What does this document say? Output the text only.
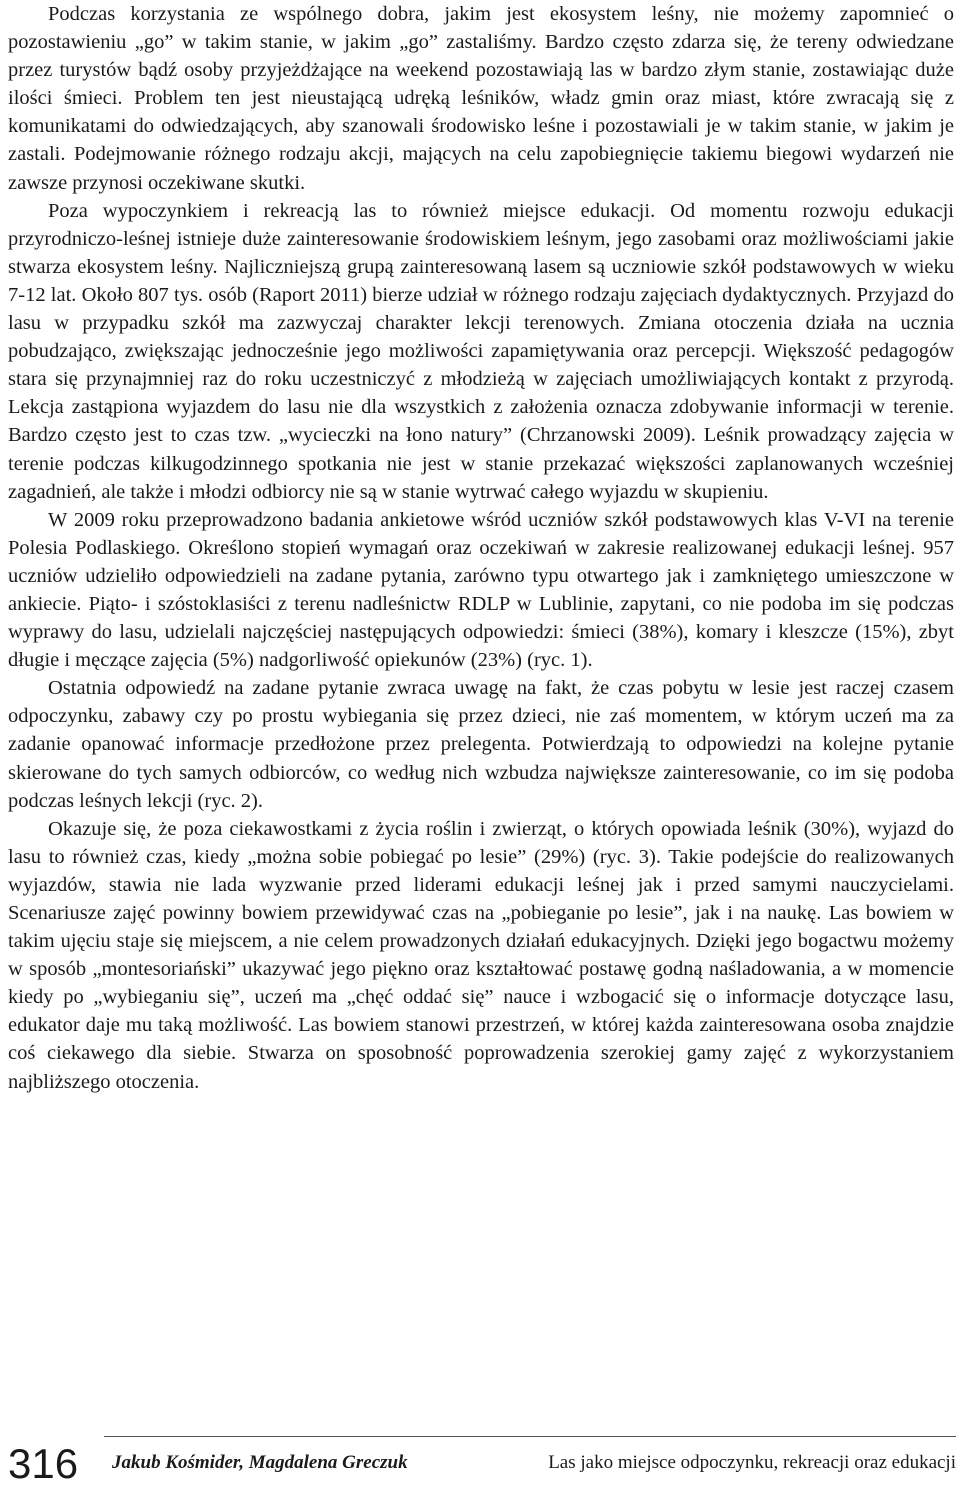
Podczas korzystania ze wspólnego dobra, jakim jest ekosystem leśny, nie możemy zapomnieć o pozostawieniu „go” w takim stanie, w jakim „go” zastaliśmy. Bardzo często zdarza się, że tereny odwiedzane przez turystów bądź osoby przyjeżdżające na weekend pozostawiają las w bardzo złym stanie, zostawiając duże ilości śmieci. Problem ten jest nieustającą udręką leśników, władz gmin oraz miast, które zwracają się z komunikatami do odwiedzających, aby szanowali środowisko leśne i pozostawiali je w takim stanie, w jakim je zastali. Podejmowanie różnego rodzaju akcji, mających na celu zapobiegnięcie takiemu biegowi wydarzeń nie zawsze przynosi oczekiwane skutki.

Poza wypoczynkiem i rekreacją las to również miejsce edukacji. Od momentu rozwoju edukacji przyrodniczo-leśnej istnieje duże zainteresowanie środowiskiem leśnym, jego zasobami oraz możliwościami jakie stwarza ekosystem leśny. Najliczniejszą grupą zainteresowaną lasem są uczniowie szkół podstawowych w wieku 7-12 lat. Około 807 tys. osób (Raport 2011) bierze udział w różnego rodzaju zajęciach dydaktycznych. Przyjazd do lasu w przypadku szkół ma zazwyczaj charakter lekcji terenowych. Zmiana otoczenia działa na ucznia pobudzająco, zwiększając jednocześnie jego możliwości zapamiętywania oraz percepcji. Większość pedagogów stara się przynajmniej raz do roku uczestniczyć z młodzieżą w zajęciach umożliwiających kontakt z przyrodą. Lekcja zastąpiona wyjazdem do lasu nie dla wszystkich z założenia oznacza zdobywanie informacji w terenie. Bardzo często jest to czas tzw. „wycieczki na łono natury” (Chrzanowski 2009). Leśnik prowadzący zajęcia w terenie podczas kilkugodzinnego spotkania nie jest w stanie przekazać większości zaplanowanych wcześniej zagadnień, ale także i młodzi odbiorcy nie są w stanie wytrwać całego wyjazdu w skupieniu.

W 2009 roku przeprowadzono badania ankietowe wśród uczniów szkół podstawowych klas V-VI na terenie Polesia Podlaskiego. Określono stopień wymagań oraz oczekiwań w zakresie realizowanej edukacji leśnej. 957 uczniów udzieliło odpowiedzieli na zadane pytania, zarówno typu otwartego jak i zamkniętego umieszczone w ankiecie. Piąto- i szóstoklasiści z terenu nadleśnictw RDLP w Lublinie, zapytani, co nie podoba im się podczas wyprawy do lasu, udzielali najczęściej następujących odpowiedzi: śmieci (38%), komary i kleszcze (15%), zbyt długie i męczące zajęcia (5%) nadgorliwość opiekunów (23%) (ryc. 1).

Ostatnia odpowiedź na zadane pytanie zwraca uwagę na fakt, że czas pobytu w lesie jest raczej czasem odpoczynku, zabawy czy po prostu wybiegania się przez dzieci, nie zaś momentem, w którym uczeń ma za zadanie opanować informacje przedłożone przez prelegenta. Potwierdzają to odpowiedzi na kolejne pytanie skierowane do tych samych odbiorców, co według nich wzbudza największe zainteresowanie, co im się podoba podczas leśnych lekcji (ryc. 2).

Okazuje się, że poza ciekawostkami z życia roślin i zwierząt, o których opowiada leśnik (30%), wyjazd do lasu to również czas, kiedy „można sobie pobiegać po lesie” (29%) (ryc. 3). Takie podejście do realizowanych wyjazdów, stawia nie lada wyzwanie przed liderami edukacji leśnej jak i przed samymi nauczycielami. Scenariusze zajęć powinny bowiem przewidywać czas na „pobieganie po lesie”, jak i na naukę. Las bowiem w takim ujęciu staje się miejscem, a nie celem prowadzonych działań edukacyjnych. Dzięki jego bogactwu możemy w sposób „montesoriański” ukazywać jego piękno oraz kształtować postawę godną naśladowania, a w momencie kiedy po „wybieganiu się”, uczeń ma „chęć oddać się” nauce i wzbogacić się o informacje dotyczące lasu, edukator daje mu taką możliwość. Las bowiem stanowi przestrzeń, w której każda zainteresowana osoba znajdzie coś ciekawego dla siebie. Stwarza on sposobność poprowadzenia szerokiej gamy zajęć z wykorzystaniem najbliższego otoczenia.

316 Jakub Kośmider, Magdalena Greczuk	Las jako miejsce odpoczynku, rekreacji oraz edukacji
